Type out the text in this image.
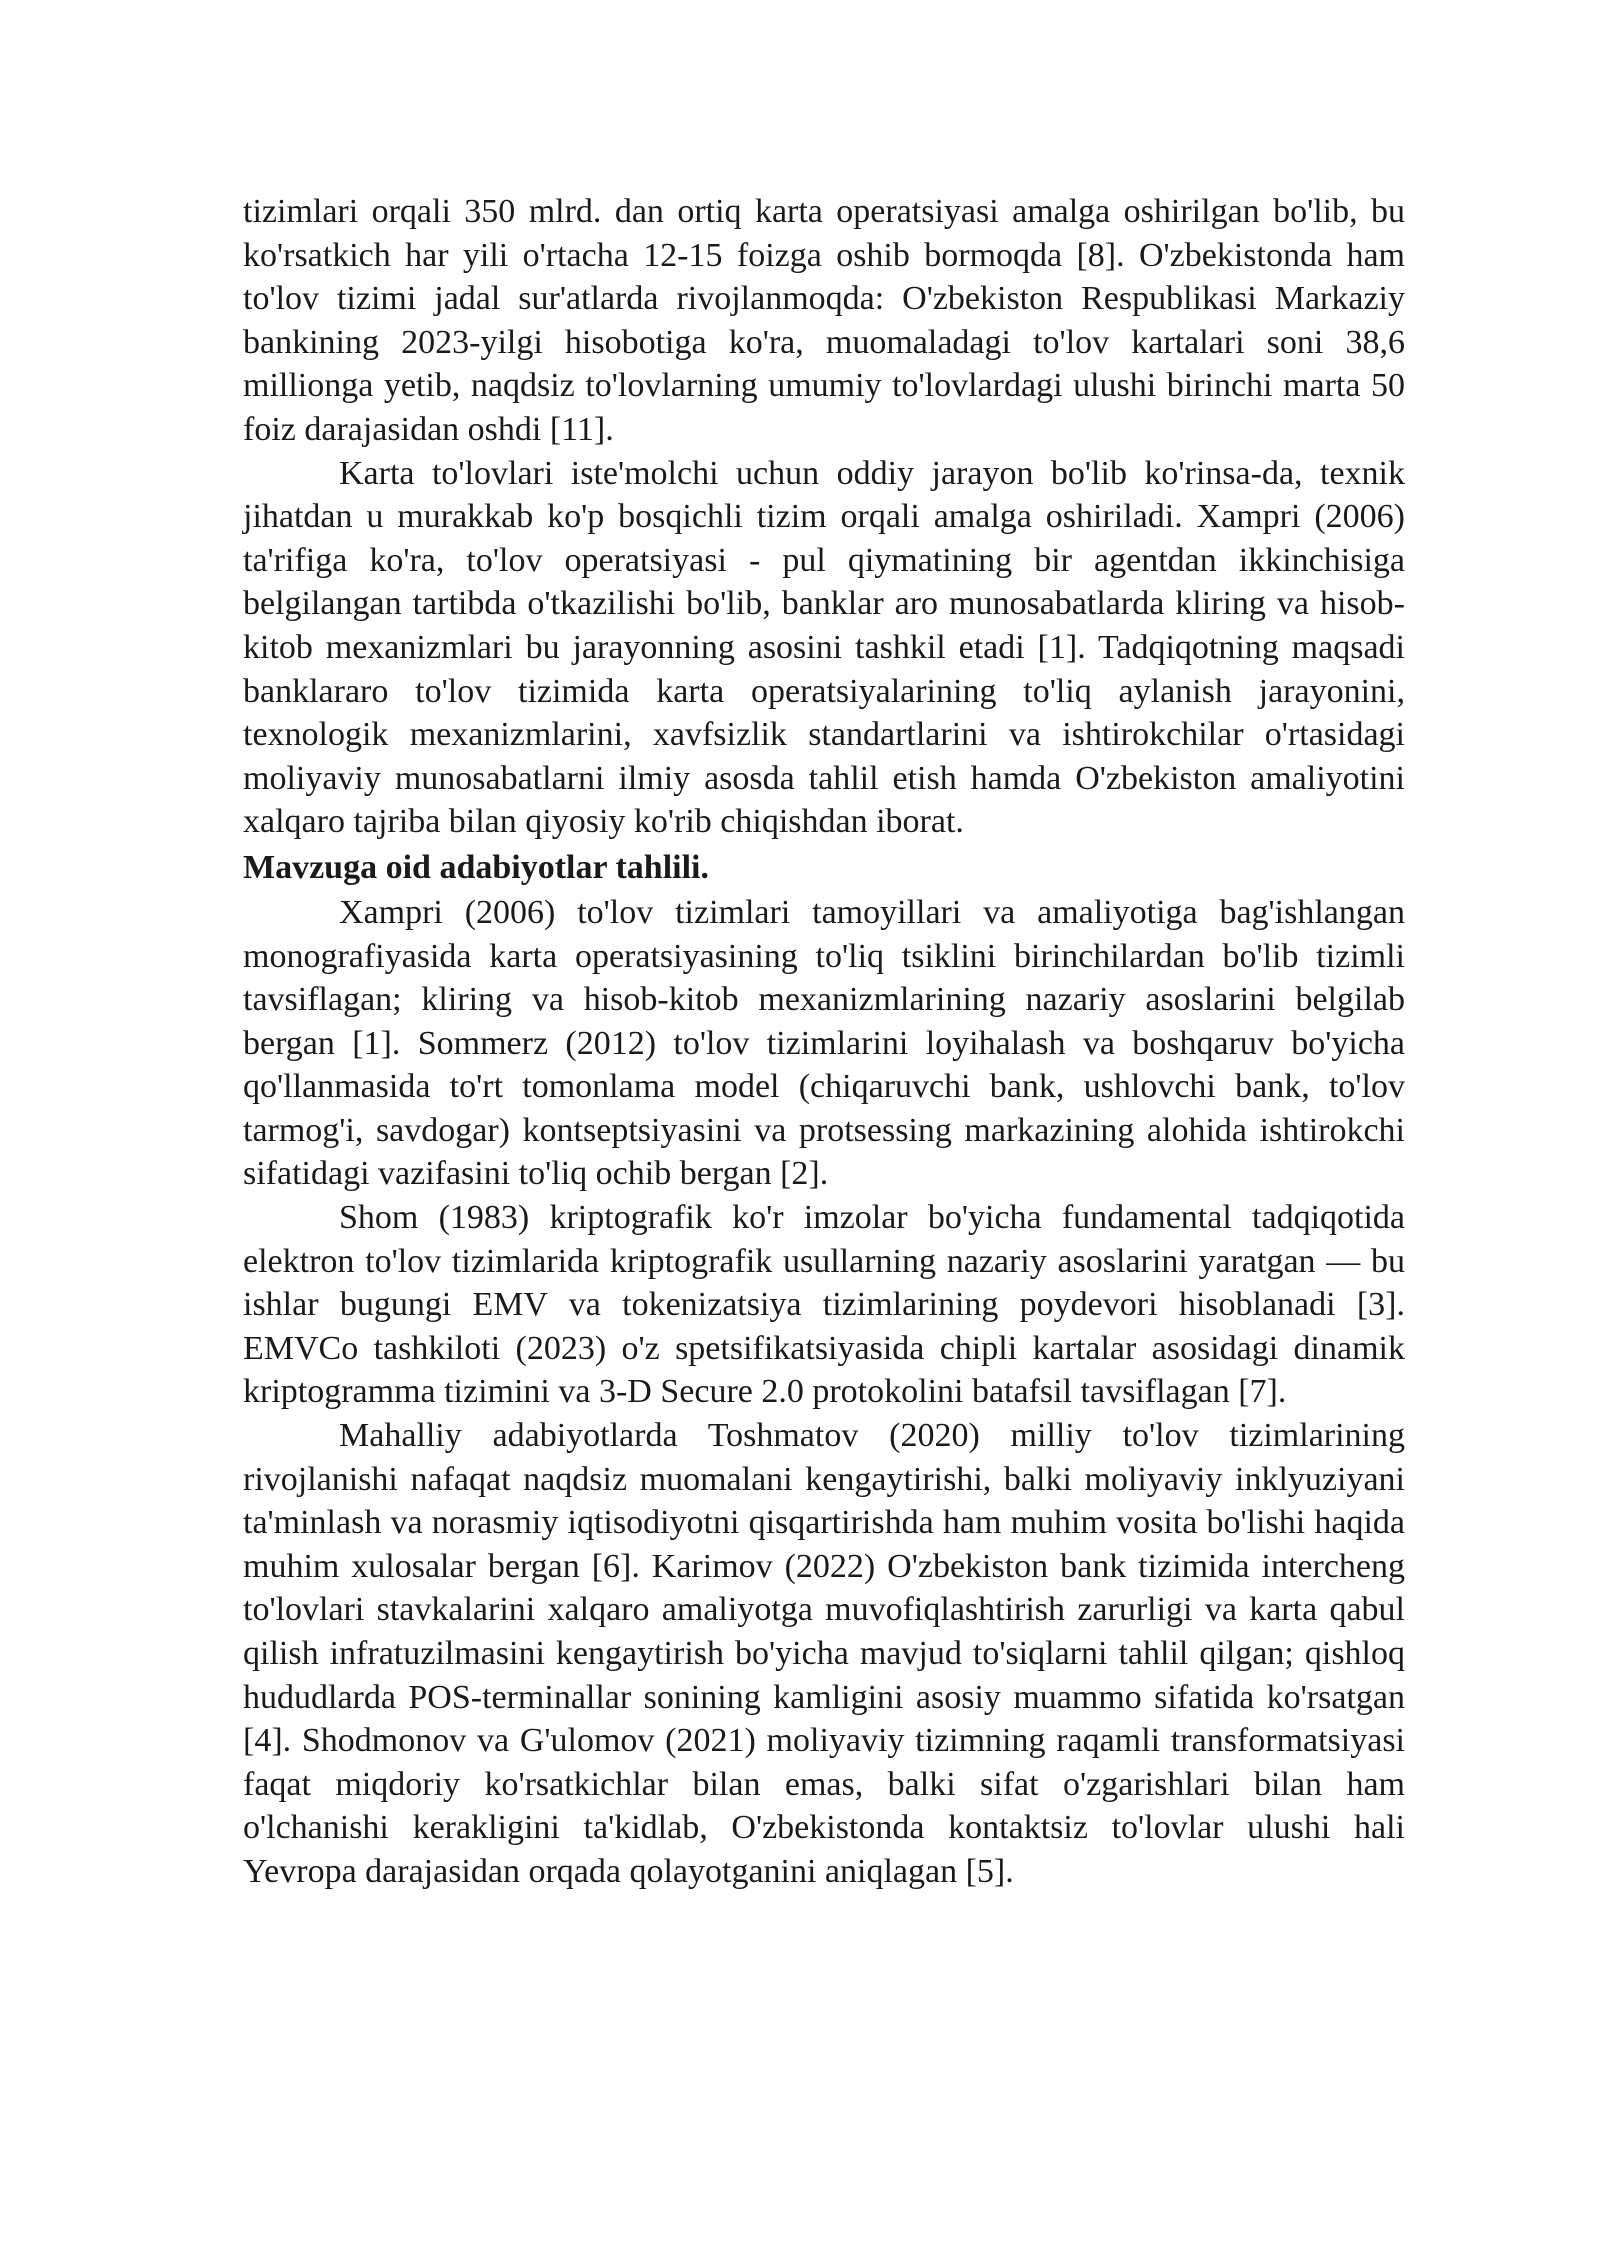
tizimlari orqali 350 mlrd. dan ortiq karta operatsiyasi amalga oshirilgan bo'lib, bu ko'rsatkich har yili o'rtacha 12-15 foizga oshib bormoqda [8]. O'zbekistonda ham to'lov tizimi jadal sur'atlarda rivojlanmoqda: O'zbekiston Respublikasi Markaziy bankining 2023-yilgi hisobotiga ko'ra, muomaladagi to'lov kartalari soni 38,6 millionga yetib, naqdsiz to'lovlarning umumiy to'lovlardagi ulushi birinchi marta 50 foiz darajasidan oshdi [11].

Karta to'lovlari iste'molchi uchun oddiy jarayon bo'lib ko'rinsa-da, texnik jihatdan u murakkab ko'p bosqichli tizim orqali amalga oshiriladi. Xampri (2006) ta'rifiga ko'ra, to'lov operatsiyasi - pul qiymatining bir agentdan ikkinchisiga belgilangan tartibda o'tkazilishi bo'lib, banklar aro munosabatlarda kliring va hisob-kitob mexanizmlari bu jarayonning asosini tashkil etadi [1]. Tadqiqotning maqsadi banklararo to'lov tizimida karta operatsiyalarining to'liq aylanish jarayonini, texnologik mexanizmlarini, xavfsizlik standartlarini va ishtirokchilar o'rtasidagi moliyaviy munosabatlarni ilmiy asosda tahlil etish hamda O'zbekiston amaliyotini xalqaro tajriba bilan qiyosiy ko'rib chiqishdan iborat.

Mavzuga oid adabiyotlar tahlili.

Xampri (2006) to'lov tizimlari tamoyillari va amaliyotiga bag'ishlangan monografiyasida karta operatsiyasining to'liq tsiklini birinchilardan bo'lib tizimli tavsiflagan; kliring va hisob-kitob mexanizmlarining nazariy asoslarini belgilab bergan [1]. Sommerz (2012) to'lov tizimlarini loyihalash va boshqaruv bo'yicha qo'llanmasida to'rt tomonlama model (chiqaruvchi bank, ushlovchi bank, to'lov tarmog'i, savdogar) kontseptsiyasini va protsessing markazining alohida ishtirokchi sifatidagi vazifasini to'liq ochib bergan [2].

Shom (1983) kriptografik ko'r imzolar bo'yicha fundamental tadqiqotida elektron to'lov tizimlarida kriptografik usullarning nazariy asoslarini yaratgan — bu ishlar bugungi EMV va tokenizatsiya tizimlarining poydevori hisoblanadi [3]. EMVCo tashkiloti (2023) o'z spetsifikatsiyasida chipli kartalar asosidagi dinamik kriptogramma tizimini va 3-D Secure 2.0 protokolini batafsil tavsiflagan [7].

Mahalliy adabiyotlarda Toshmatov (2020) milliy to'lov tizimlarining rivojlanishi nafaqat naqdsiz muomalani kengaytirishi, balki moliyaviy inklyuziyani ta'minlash va norasmiy iqtisodiyotni qisqartirishda ham muhim vosita bo'lishi haqida muhim xulosalar bergan [6]. Karimov (2022) O'zbekiston bank tizimida intercheng to'lovlari stavkalarini xalqaro amaliyotga muvofiqlashtirish zarurligi va karta qabul qilish infratuzilmasini kengaytirish bo'yicha mavjud to'siqlarni tahlil qilgan; qishloq hududlarda POS-terminallar sonining kamligini asosiy muammo sifatida ko'rsatgan [4]. Shodmonov va G'ulomov (2021) moliyaviy tizimning raqamli transformatsiyasi faqat miqdoriy ko'rsatkichlar bilan emas, balki sifat o'zgarishlari bilan ham o'lchanishi kerakligini ta'kidlab, O'zbekistonda kontaktsiz to'lovlar ulushi hali Yevropa darajasidan orqada qolayotganini aniqlagan [5].
